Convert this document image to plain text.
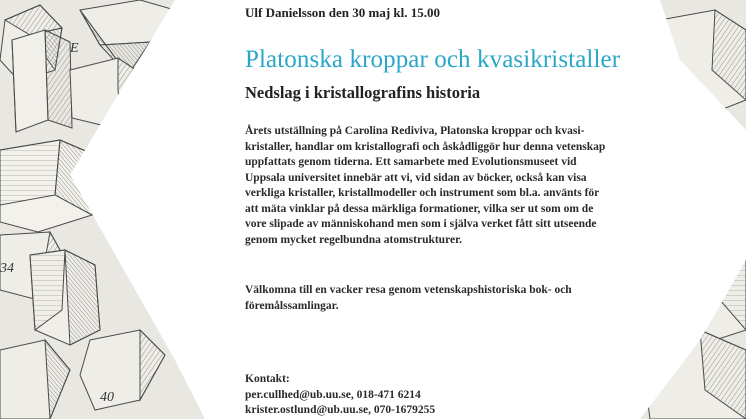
E
34
40
Ulf Danielsson den 30 maj kl. 15.00
Platonska kroppar och kvasikristaller
Nedslag i kristallografins historia
Årets utställning på Carolina Rediviva, Platonska kroppar och kvasi-
kristaller, handlar om kristallografi och åskådliggör hur denna vetenskap
uppfattats genom tiderna. Ett samarbete med Evolutionsmuseet vid
Uppsala universitet innebär att vi, vid sidan av böcker, också kan visa
verkliga kristaller, kristallmodeller och instrument som bl.a. använts för
att mäta vinklar på dessa märkliga formationer, vilka ser ut som om de
vore slipade av människohand men som i själva verket fått sitt utseende
genom mycket regelbundna atomstrukturer.
Välkomna till en vacker resa genom vetenskapshistoriska bok- och
föremålssamlingar.
Kontakt:
per.cullhed@ub.uu.se, 018-471 6214
krister.ostlund@ub.uu.se, 070-1679255
